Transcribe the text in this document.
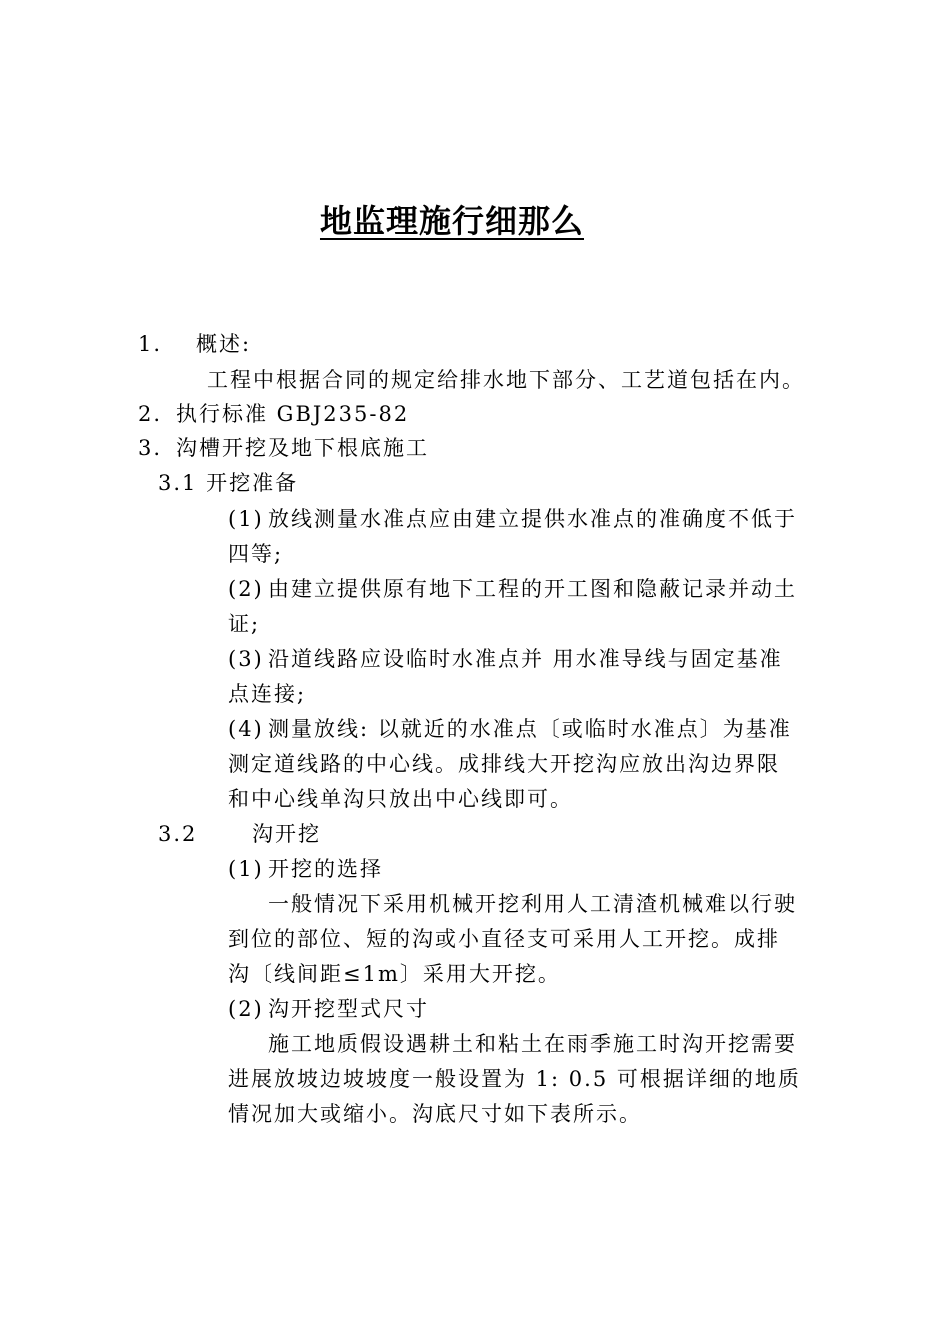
地监理施行细那么
1. 概述:
工程中根据合同的规定给排水地下部分、工艺道包括在内。
2. 执行标准 GBJ235-82
3. 沟槽开挖及地下根底施工
3.1 开挖准备
(1) 放线测量水准点应由建立提供水准点的准确度不低于
四等;
(2) 由建立提供原有地下工程的开工图和隐蔽记录并动土
证;
(3) 沿道线路应设临时水准点并 用水准导线与固定基准
点连接;
(4) 测量放线: 以就近的水准点〔或临时水准点〕为基准
测定道线路的中心线。成排线大开挖沟应放出沟边界限
和中心线单沟只放出中心线即可。
3.2	沟开挖
(1) 开挖的选择
一般情况下采用机械开挖利用人工清渣机械难以行驶
到位的部位、短的沟或小直径支可采用人工开挖。成排
沟〔线间距≤1m〕采用大开挖。
(2) 沟开挖型式尺寸
施工地质假设遇耕土和粘土在雨季施工时沟开挖需要
进展放坡边坡坡度一般设置为 1: 0.5 可根据详细的地质
情况加大或缩小。沟底尺寸如下表所示。
